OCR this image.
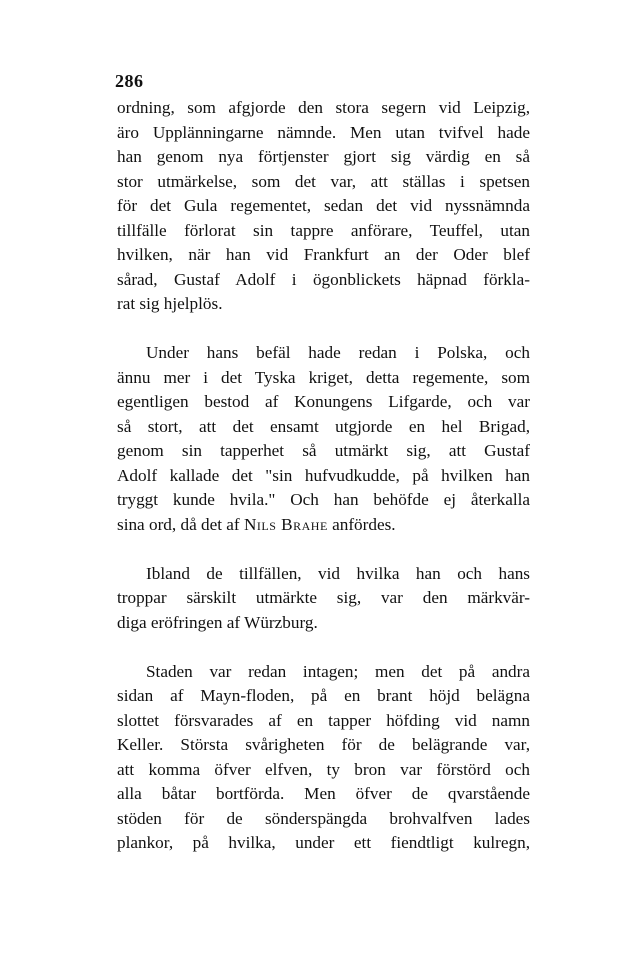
286

ordning, som afgjorde den stora segern vid Leipzig,
äro Upplänningarne nämnde. Men utan tvifvel hade
han genom nya förtjenster gjort sig värdig en så
stor utmärkelse, som det var, att ställas i spetsen
för det Gula regementet, sedan det vid nyssnämnda
tillfälle förlorat sin tappre anförare, Teuffel, utan
hvilken, när han vid Frankfurt an der Oder blef
sårad, Gustaf Adolf i ögonblickets häpnad förkla-
rat sig hjelplös.

Under hans befäl hade redan i Polska, och
ännu mer i det Tyska kriget, detta regemente, som
egentligen bestod af Konungens Lifgarde, och var
så stort, att det ensamt utgjorde en hel Brigad,
genom sin tapperhet så utmärkt sig, att Gustaf
Adolf kallade det "sin hufvudkudde, på hvilken han
tryggt kunde hvila." Och han behöfde ej återkalla
sina ord, då det af Nils Brahe anfördes.

Ibland de tillfällen, vid hvilka han och hans
troppar särskilt utmärkte sig, var den märkvär-
diga eröfringen af Würzburg.

Staden var redan intagen; men det på andra
sidan af Mayn-floden, på en brant höjd belägna
slottet försvarades af en tapper höfding vid namn
Keller. Största svårigheten för de belägrande var,
att komma öfver elfven, ty bron var förstörd och
alla båtar bortförda. Men öfver de qvarstående
stöden för de sönderspängda brohvalfven lades
plankor, på hvilka, under ett fiendtligt kulregn,
